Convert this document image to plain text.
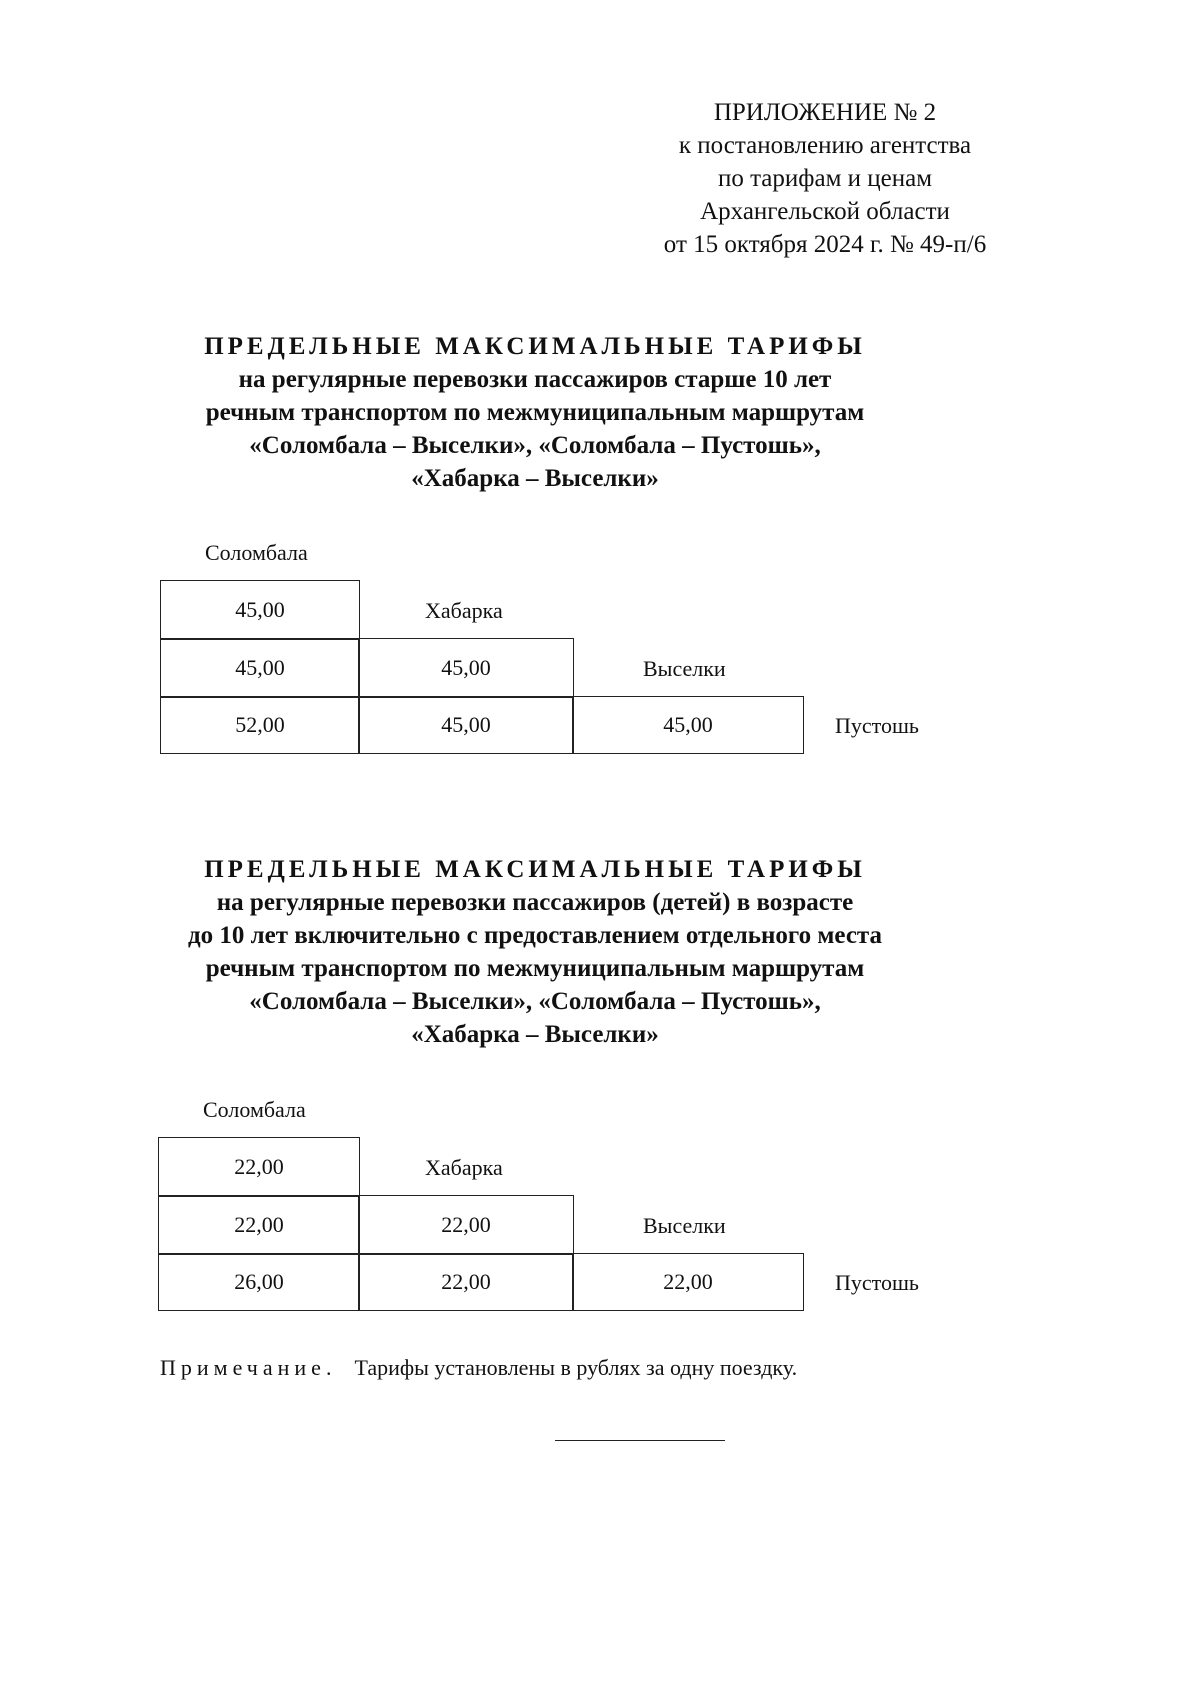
ПРИЛОЖЕНИЕ № 2
к постановлению агентства
по тарифам и ценам
Архангельской области
от 15 октября 2024 г. № 49-п/6
ПРЕДЕЛЬНЫЕ МАКСИМАЛЬНЫЕ ТАРИФЫ
на регулярные перевозки пассажиров старше 10 лет
речным транспортом по межмуниципальным маршрутам
«Соломбала – Выселки», «Соломбала – Пустошь»,
«Хабарка – Выселки»
Соломбала
45,00	Хабарка
45,00	45,00	Выселки
52,00	45,00	45,00	Пустошь
ПРЕДЕЛЬНЫЕ МАКСИМАЛЬНЫЕ ТАРИФЫ
на регулярные перевозки пассажиров (детей) в возрасте
до 10 лет включительно с предоставлением отдельного места
речным транспортом по межмуниципальным маршрутам
«Соломбала – Выселки», «Соломбала – Пустошь»,
«Хабарка – Выселки»
Соломбала
22,00	Хабарка
22,00	22,00	Выселки
26,00	22,00	22,00	Пустошь
Примечание. Тарифы установлены в рублях за одну поездку.
